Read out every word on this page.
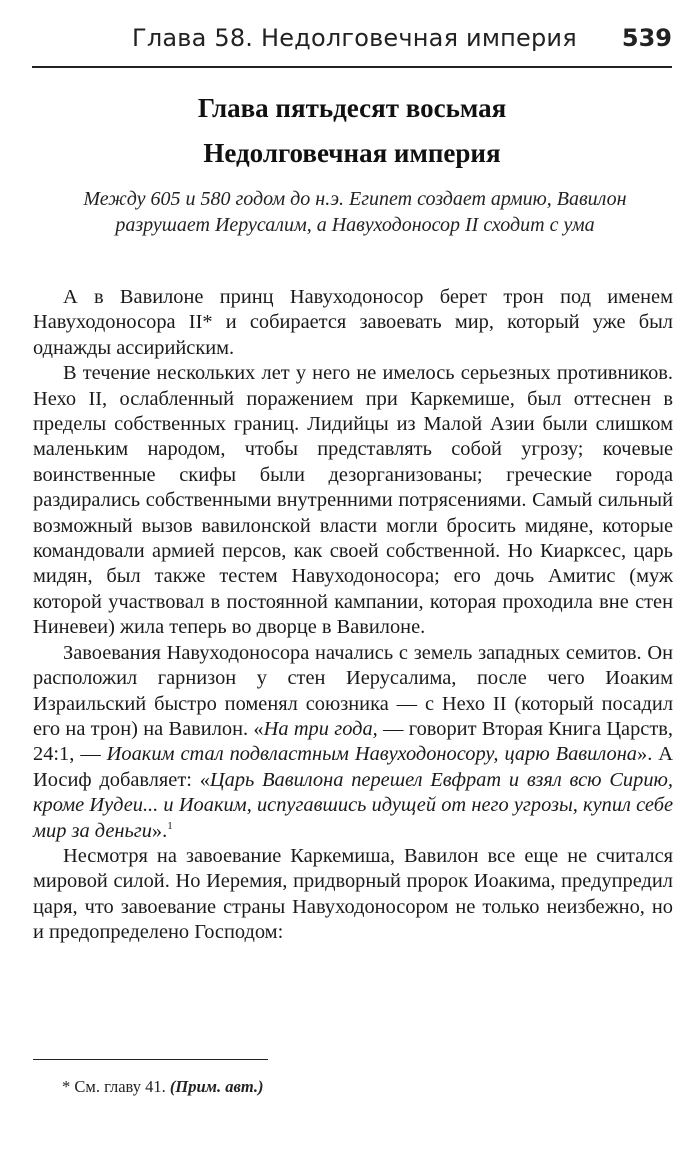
Глава 58. Недолговечная империя 539
Глава пятьдесят восьмая
Недолговечная империя
Между 605 и 580 годом до н.э. Египет создает армию, Вавилон разрушает Иерусалим, а Навуходоносор II сходит с ума

А в Вавилоне принц Навуходоносор берет трон под именем Навуходоносора II* и собирается завоевать мир, который уже был однажды ассирийским.

В течение нескольких лет у него не имелось серьезных противников. Нехо II, ослабленный поражением при Каркемише, был оттеснен в пределы собственных границ. Лидийцы из Малой Азии были слишком маленьким народом, чтобы представлять собой угрозу; кочевые воинственные скифы были дезорганизованы; греческие города раздирались собственными внутренними потрясениями. Самый сильный возможный вызов вавилонской власти могли бросить мидяне, которые командовали армией персов, как своей собственной. Но Киарксес, царь мидян, был также тестем Навуходоносора; его дочь Амитис (муж которой участвовал в постоянной кампании, которая проходила вне стен Ниневеи) жила теперь во дворце в Вавилоне.

Завоевания Навуходоносора начались с земель западных семитов. Он расположил гарнизон у стен Иерусалима, после чего Иоаким Израильский быстро поменял союзника — с Нехо II (который посадил его на трон) на Вавилон. «На три года, — говорит Вторая Книга Царств, 24:1, — Иоаким стал подвластным Навуходоносору, царю Вавилона». А Иосиф добавляет: «Царь Вавилона перешел Евфрат и взял всю Сирию, кроме Иудеи... и Иоаким, испугавшись идущей от него угрозы, купил себе мир за деньги».$^1$

Несмотря на завоевание Каркемиша, Вавилон все еще не считался мировой силой. Но Иеремия, придворный пророк Иоакима, предупредил царя, что завоевание страны Навуходоносором не только неизбежно, но и предопределено Господом:

* См. главу 41. (Прим. авт.)
